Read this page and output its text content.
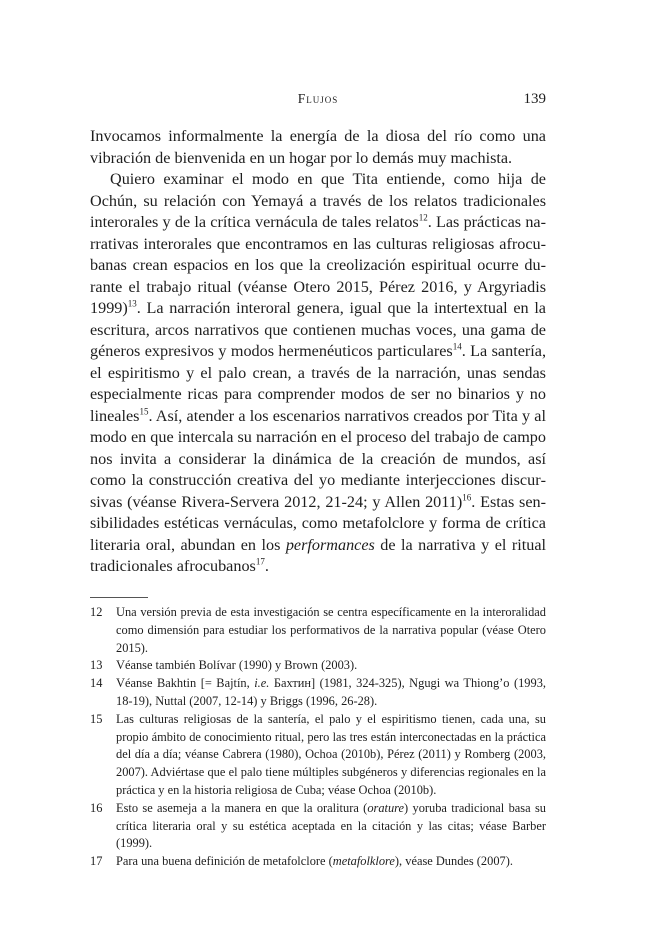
Flujos	139

Invocamos informalmente la energía de la diosa del río como una vibración de bienvenida en un hogar por lo demás muy machista.

Quiero examinar el modo en que Tita entiende, como hija de Ochún, su relación con Yemayá a través de los relatos tradicionales interorales y de la crítica vernácula de tales relatos$^{12}$. Las prácticas narrativas interorales que encontramos en las culturas religiosas afrocubanas crean espacios en los que la creolización espiritual ocurre durante el trabajo ritual (véanse Otero 2015, Pérez 2016, y Argyriadis 1999)$^{13}$. La narración interoral genera, igual que la intertextual en la escritura, arcos narrativos que contienen muchas voces, una gama de géneros expresivos y modos hermenéuticos particulares$^{14}$. La santería, el espiritismo y el palo crean, a través de la narración, unas sendas especialmente ricas para comprender modos de ser no binarios y no lineales$^{15}$. Así, atender a los escenarios narrativos creados por Tita y al modo en que intercala su narración en el proceso del trabajo de campo nos invita a considerar la dinámica de la creación de mundos, así como la construcción creativa del yo mediante interjecciones discursivas (véanse Rivera-Servera 2012, 21-24; y Allen 2011)$^{16}$. Estas sensibilidades estéticas vernáculas, como metafolclore y forma de crítica literaria oral, abundan en los performances de la narrativa y el ritual tradicionales afrocubanos$^{17}$.

12 Una versión previa de esta investigación se centra específicamente en la interoralidad como dimensión para estudiar los performativos de la narrativa popular (véase Otero 2015).

13 Véanse también Bolívar (1990) y Brown (2003).

14 Véanse Bakhtin [= Bajtín, i.e. Бахтин] (1981, 324-325), Ngugi wa Thiong’o (1993, 18-19), Nuttal (2007, 12-14) y Briggs (1996, 26-28).

15 Las culturas religiosas de la santería, el palo y el espiritismo tienen, cada una, su propio ámbito de conocimiento ritual, pero las tres están interconectadas en la práctica del día a día; véanse Cabrera (1980), Ochoa (2010b), Pérez (2011) y Romberg (2003, 2007). Adviértase que el palo tiene múltiples subgéneros y diferencias regionales en la práctica y en la historia religiosa de Cuba; véase Ochoa (2010b).

16 Esto se asemeja a la manera en que la oralitura (orature) yoruba tradicional basa su crítica literaria oral y su estética aceptada en la citación y las citas; véase Barber (1999).

17 Para una buena definición de metafolclore (metafolklore), véase Dundes (2007).
